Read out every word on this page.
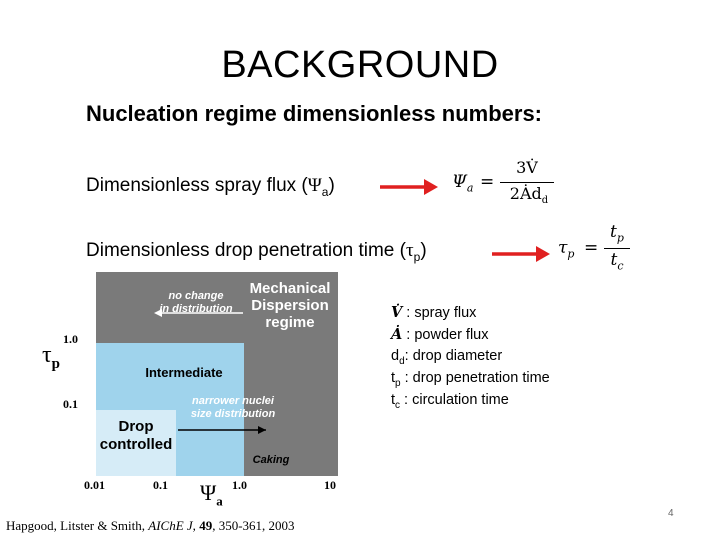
BACKGROUND
Nucleation regime dimensionless numbers:
Dimensionless spray flux $(\Psi_a)$	$\Psi_a$ =
3V̇
$2Ȧd_d$
Dimensionless drop penetration time $(\tau_p)$	$\tau_p$ =
$t_p$
$t_c$
Mechanical
Dispersion
regime
no change
in distribution
Intermediate
narrower nuclei
size distribution
Drop
controlled
Caking
$\tau_p$
1.0
0.1
0.01	0.1	1.0	10
$\Psi_a$
V̇ : spray flux
Ȧ : powder flux
$d_d$: drop diameter
$t_p$ : drop penetration time
$t_c$ : circulation time
Hapgood, Litster & Smith, AIChE J, 49, 350-361, 2003
4
